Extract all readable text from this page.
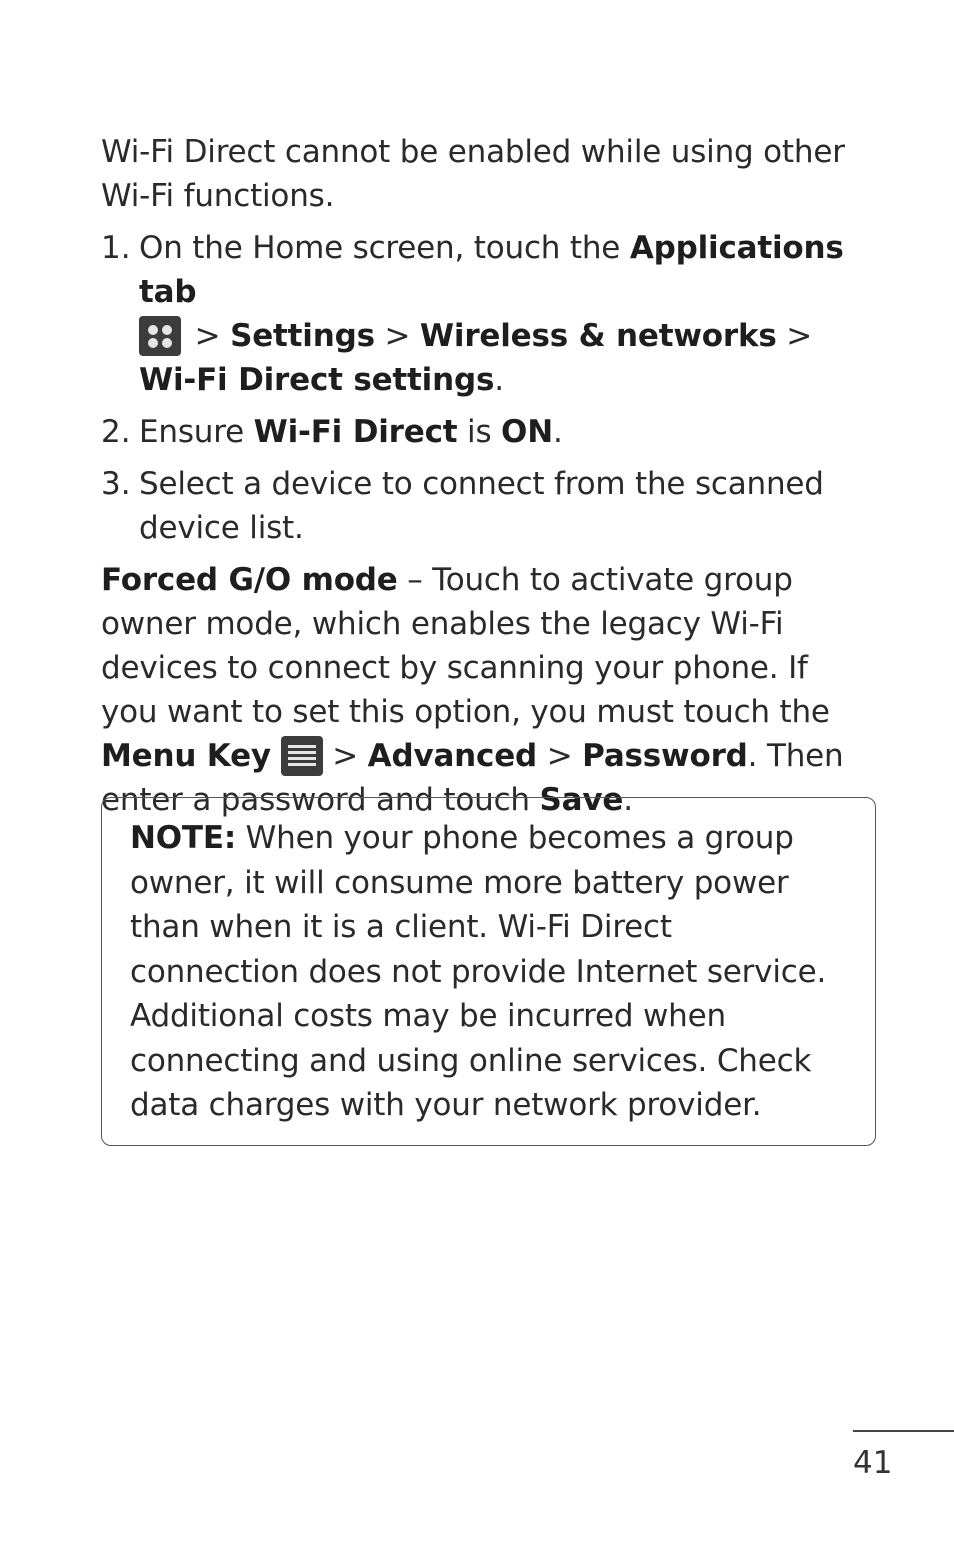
Wi-Fi Direct cannot be enabled while using other Wi-Fi functions.

1. On the Home screen, touch the Applications tab

> Settings > Wireless & networks > Wi-Fi Direct settings.

2. Ensure Wi-Fi Direct is ON.

3. Select a device to connect from the scanned device list.

Forced G/O mode – Touch to activate group owner mode, which enables the legacy Wi-Fi devices to connect by scanning your phone. If you want to set this option, you must touch the Menu Key
> Advanced > Password. Then enter a password and touch Save.

NOTE: When your phone becomes a group owner, it will consume more battery power than when it is a client. Wi-Fi Direct connection does not provide Internet service. Additional costs may be incurred when connecting and using online services. Check data charges with your network provider.

41
